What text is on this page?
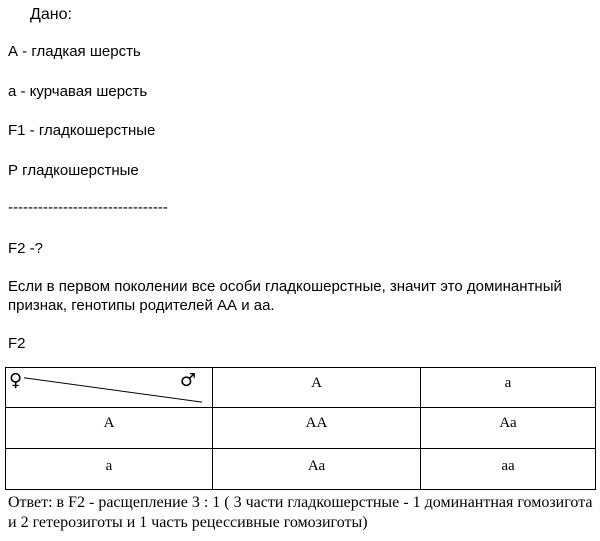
Дано:
А - гладкая шерсть
а - курчавая шерсть
F1 - гладкошерстные
Р гладкошерстные
--------------------------------
F2 -?
Если в первом поколении все особи гладкошерстные, значит это доминантный признак, генотипы родителей АА и аа.
F2
♀ ♂	А	а
А	АА	Аа
а	Аа	аа
Ответ: в F2 - расщепление 3 : 1 ( 3 части гладкошерстные - 1 доминантная гомозигота и 2 гетерозиготы и 1 часть рецессивные гомозиготы)
